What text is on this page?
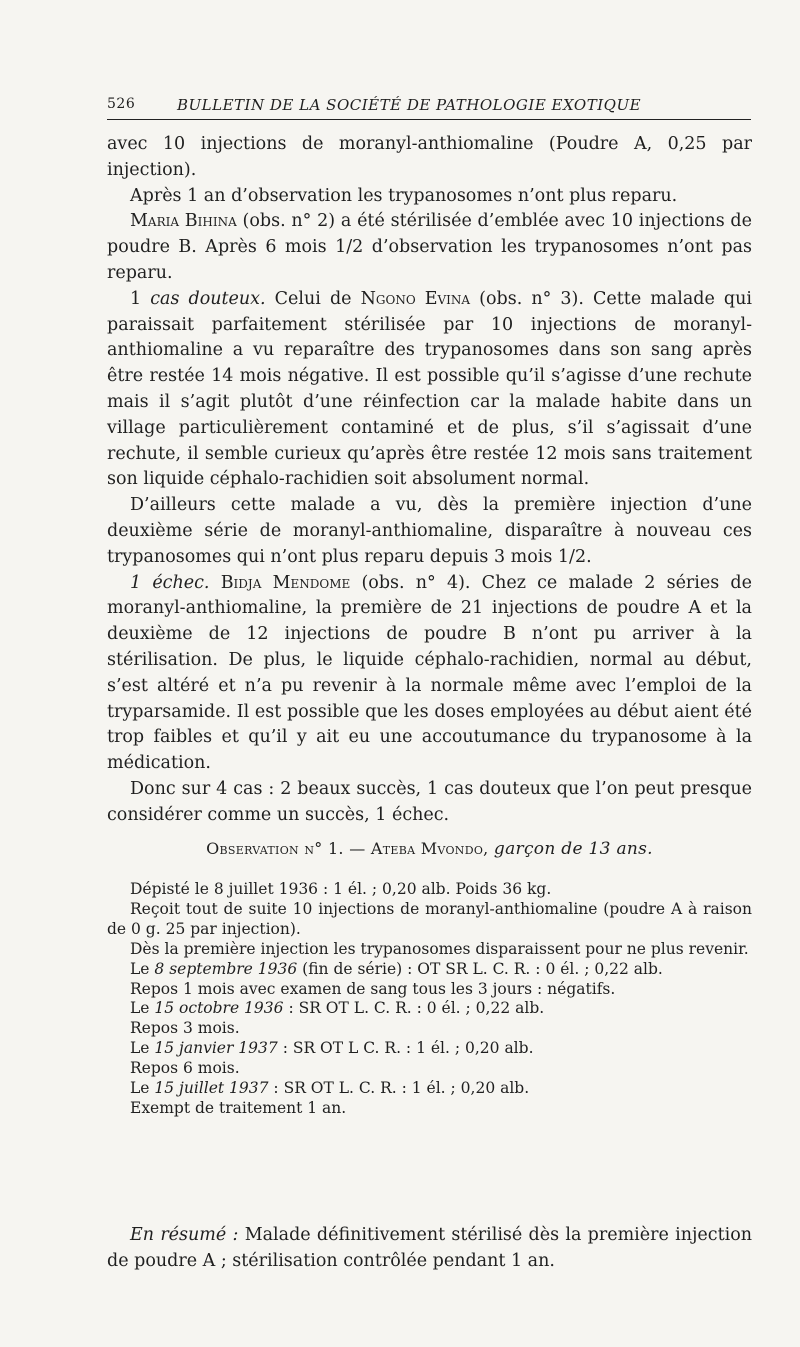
526	BULLETIN DE LA SOCIÉTÉ DE PATHOLOGIE EXOTIQUE

avec 10 injections de moranyl-anthiomaline (Poudre A, 0,25 par injection).

Après 1 an d’observation les trypanosomes n’ont plus reparu.

Maria Bihina (obs. n° 2) a été stérilisée d’emblée avec 10 injections de poudre B. Après 6 mois 1/2 d’observation les trypanosomes n’ont pas reparu.

1 cas douteux. Celui de Ngono Evina (obs. n° 3). Cette malade qui paraissait parfaitement stérilisée par 10 injections de moranyl-anthiomaline a vu reparaître des trypanosomes dans son sang après être restée 14 mois négative. Il est possible qu’il s’agisse d’une rechute mais il s’agit plutôt d’une réinfection car la malade habite dans un village particulièrement contaminé et de plus, s’il s’agissait d’une rechute, il semble curieux qu’après être restée 12 mois sans traitement son liquide céphalo-rachidien soit absolument normal.

D’ailleurs cette malade a vu, dès la première injection d’une deuxième série de moranyl-anthiomaline, disparaître à nouveau ces trypanosomes qui n’ont plus reparu depuis 3 mois 1/2.

1 échec. Bidja Mendome (obs. n° 4). Chez ce malade 2 séries de moranyl-anthiomaline, la première de 21 injections de poudre A et la deuxième de 12 injections de poudre B n’ont pu arriver à la stérilisation. De plus, le liquide céphalo-rachidien, normal au début, s’est altéré et n’a pu revenir à la normale même avec l’emploi de la tryparsamide. Il est possible que les doses employées au début aient été trop faibles et qu’il y ait eu une accoutumance du trypanosome à la médication.

Donc sur 4 cas : 2 beaux succès, 1 cas douteux que l’on peut presque considérer comme un succès, 1 échec.

Observation n° 1. — Ateba Mvondo, garçon de 13 ans.

Dépisté le 8 juillet 1936 : 1 él. ; 0,20 alb. Poids 36 kg.

Reçoit tout de suite 10 injections de moranyl-anthiomaline (poudre A à raison de 0 g. 25 par injection).

Dès la première injection les trypanosomes disparaissent pour ne plus revenir.

Le 8 septembre 1936 (fin de série) : OT SR L. C. R. : 0 él. ; 0,22 alb.

Repos 1 mois avec examen de sang tous les 3 jours : négatifs.

Le 15 octobre 1936 : SR OT L. C. R. : 0 él. ; 0,22 alb.

Repos 3 mois.

Le 15 janvier 1937 : SR OT L C. R. : 1 él. ; 0,20 alb.

Repos 6 mois.

Le 15 juillet 1937 : SR OT L. C. R. : 1 él. ; 0,20 alb.

Exempt de traitement 1 an.

En résumé : Malade définitivement stérilisé dès la première injection de poudre A ; stérilisation contrôlée pendant 1 an.
